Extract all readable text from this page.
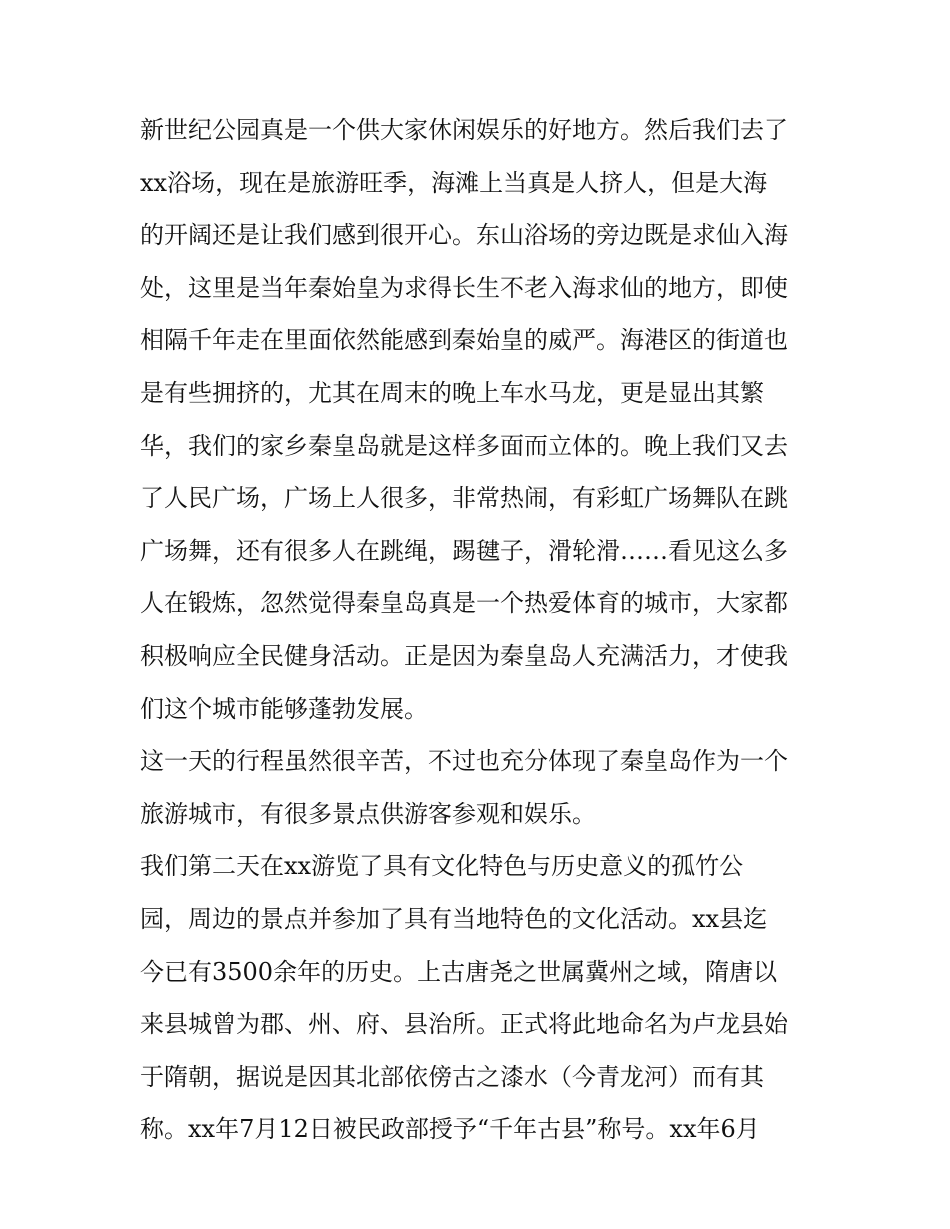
新世纪公园真是一个供大家休闲娱乐的好地方。然后我们去了
xx浴场，现在是旅游旺季，海滩上当真是人挤人，但是大海
的开阔还是让我们感到很开心。东山浴场的旁边既是求仙入海
处，这里是当年秦始皇为求得长生不老入海求仙的地方，即使
相隔千年走在里面依然能感到秦始皇的威严。海港区的街道也
是有些拥挤的，尤其在周末的晚上车水马龙，更是显出其繁
华，我们的家乡秦皇岛就是这样多面而立体的。晚上我们又去
了人民广场，广场上人很多，非常热闹，有彩虹广场舞队在跳
广场舞，还有很多人在跳绳，踢毽子，滑轮滑……看见这么多
人在锻炼，忽然觉得秦皇岛真是一个热爱体育的城市，大家都
积极响应全民健身活动。正是因为秦皇岛人充满活力，才使我
们这个城市能够蓬勃发展。
这一天的行程虽然很辛苦，不过也充分体现了秦皇岛作为一个
旅游城市，有很多景点供游客参观和娱乐。
我们第二天在xx游览了具有文化特色与历史意义的孤竹公
园，周边的景点并参加了具有当地特色的文化活动。xx县迄
今已有3500余年的历史。上古唐尧之世属冀州之域，隋唐以
来县城曾为郡、州、府、县治所。正式将此地命名为卢龙县始
于隋朝，据说是因其北部依傍古之漆水（今青龙河）而有其
称。xx年7月12日被民政部授予“千年古县”称号。xx年6月
